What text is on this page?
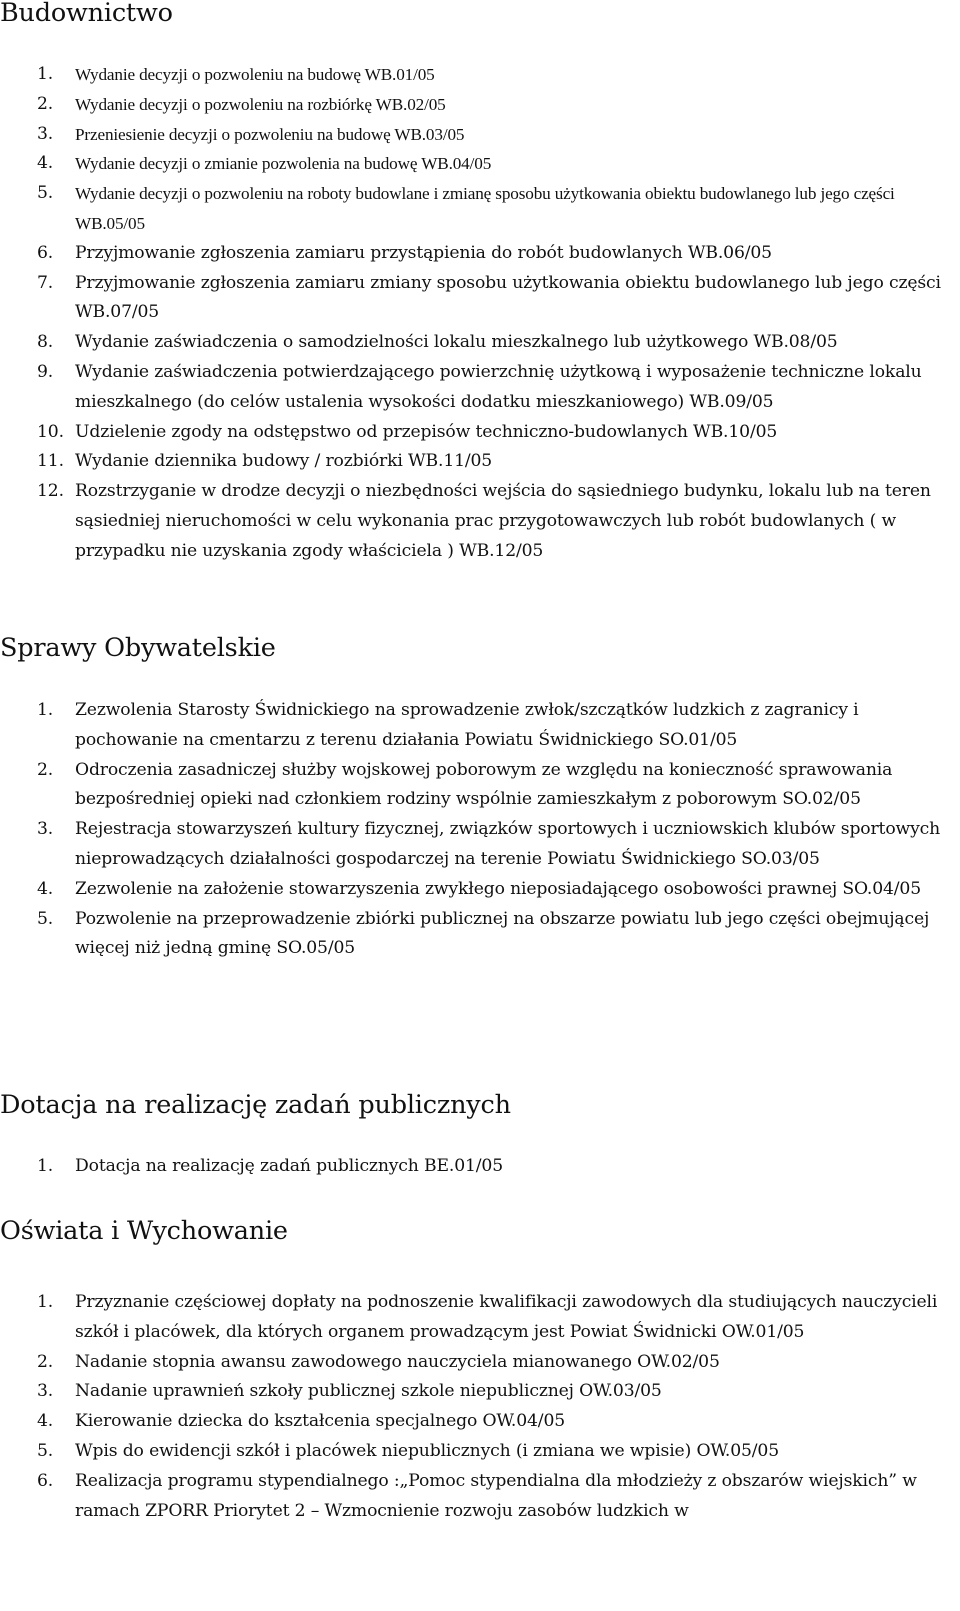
Budownictwo
1. Wydanie decyzji o pozwoleniu na budowę WB.01/05
2. Wydanie decyzji o pozwoleniu na rozbiórkę WB.02/05
3. Przeniesienie decyzji o pozwoleniu na budowę WB.03/05
4. Wydanie decyzji o zmianie pozwolenia na budowę WB.04/05
5. Wydanie decyzji o pozwoleniu na roboty budowlane i zmianę sposobu użytkowania obiektu budowlanego lub jego części WB.05/05
6. Przyjmowanie zgłoszenia zamiaru przystąpienia do robót budowlanych WB.06/05
7. Przyjmowanie zgłoszenia zamiaru zmiany sposobu użytkowania obiektu budowlanego lub jego części WB.07/05
8. Wydanie zaświadczenia o samodzielności lokalu mieszkalnego lub użytkowego WB.08/05
9. Wydanie zaświadczenia potwierdzającego powierzchnię użytkową i wyposażenie techniczne lokalu mieszkalnego (do celów ustalenia wysokości dodatku mieszkaniowego) WB.09/05
10. Udzielenie zgody na odstępstwo od przepisów techniczno-budowlanych WB.10/05
11. Wydanie dziennika budowy / rozbiórki WB.11/05
12. Rozstrzyganie w drodze decyzji o niezbędności wejścia do sąsiedniego budynku, lokalu lub na teren sąsiedniej nieruchomości w celu wykonania prac przygotowawczych lub robót budowlanych ( w przypadku nie uzyskania zgody właściciela ) WB.12/05
Sprawy Obywatelskie
1. Zezwolenia Starosty Świdnickiego na sprowadzenie zwłok/szczątków ludzkich z zagranicy i pochowanie na cmentarzu z terenu działania Powiatu Świdnickiego SO.01/05
2. Odroczenia zasadniczej służby wojskowej poborowym ze względu na konieczność sprawowania bezpośredniej opieki nad członkiem rodziny wspólnie zamieszkałym z poborowym SO.02/05
3. Rejestracja stowarzyszeń kultury fizycznej, związków sportowych i uczniowskich klubów sportowych nieprowadzących działalności gospodarczej na terenie Powiatu Świdnickiego SO.03/05
4. Zezwolenie na założenie stowarzyszenia zwykłego nieposiadającego osobowości prawnej SO.04/05
5. Pozwolenie na przeprowadzenie zbiórki publicznej na obszarze powiatu lub jego części obejmującej więcej niż jedną gminę SO.05/05
Dotacja na realizację zadań publicznych
1. Dotacja na realizację zadań publicznych BE.01/05
Oświata i Wychowanie
1. Przyznanie częściowej dopłaty na podnoszenie kwalifikacji zawodowych dla studiujących nauczycieli szkół i placówek, dla których organem prowadzącym jest Powiat Świdnicki OW.01/05
2. Nadanie stopnia awansu zawodowego nauczyciela mianowanego OW.02/05
3. Nadanie uprawnień szkoły publicznej szkole niepublicznej OW.03/05
4. Kierowanie dziecka do kształcenia specjalnego OW.04/05
5. Wpis do ewidencji szkół i placówek niepublicznych (i zmiana we wpisie) OW.05/05
6. Realizacja programu stypendialnego :„Pomoc stypendialna dla młodzieży z obszarów wiejskich” w ramach ZPORR Priorytet 2 – Wzmocnienie rozwoju zasobów ludzkich w
